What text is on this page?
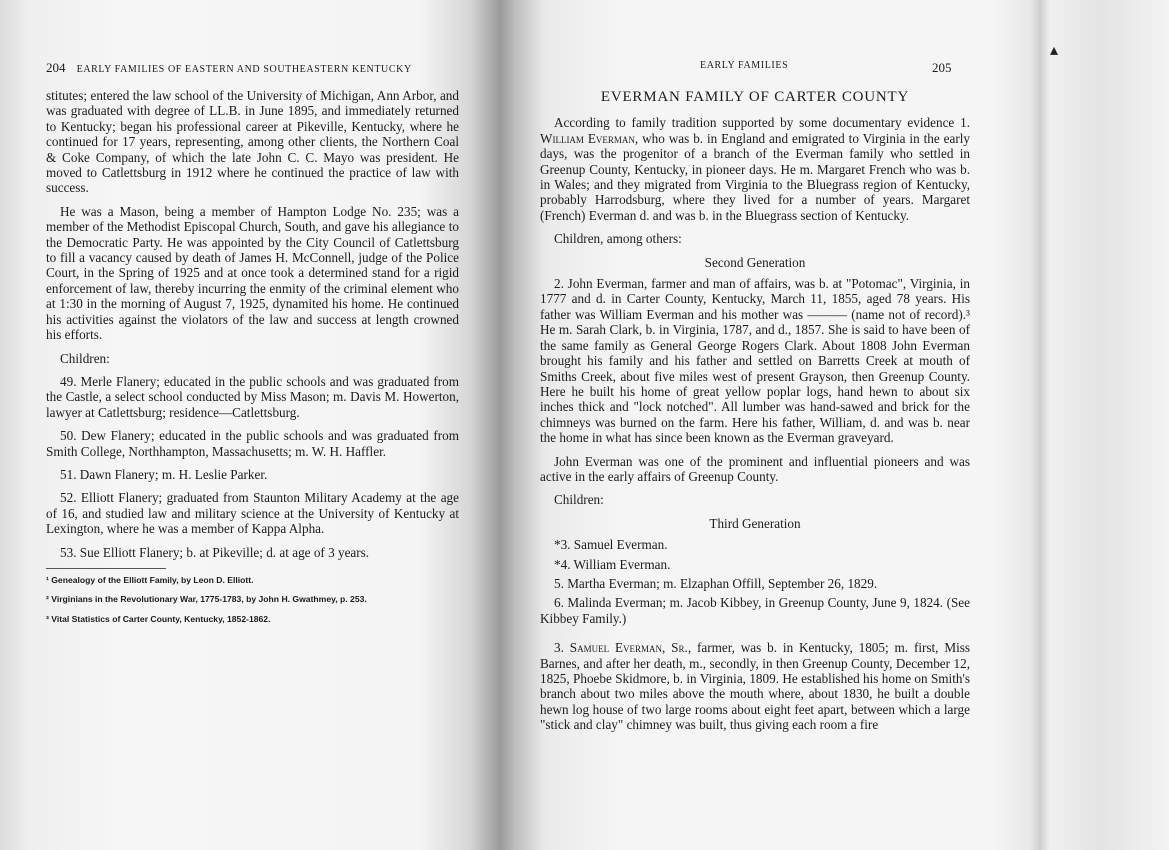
204 EARLY FAMILIES OF EASTERN AND SOUTHEASTERN KENTUCKY

stitutes; entered the law school of the University of Michigan, Ann Arbor, and was graduated with degree of LL.B. in June 1895, and immediately returned to Kentucky; began his professional career at Pikeville, Kentucky, where he continued for 17 years, representing, among other clients, the Northern Coal & Coke Company, of which the late John C. C. Mayo was president. He moved to Catlettsburg in 1912 where he continued the practice of law with success.

He was a Mason, being a member of Hampton Lodge No. 235; was a member of the Methodist Episcopal Church, South, and gave his allegiance to the Democratic Party. He was appointed by the City Council of Catlettsburg to fill a vacancy caused by death of James H. McConnell, judge of the Police Court, in the Spring of 1925 and at once took a determined stand for a rigid enforcement of law, thereby incurring the enmity of the criminal element who at 1:30 in the morning of August 7, 1925, dynamited his home. He continued his activities against the violators of the law and success at length crowned his efforts.

Children:

49. Merle Flanery; educated in the public schools and was graduated from the Castle, a select school conducted by Miss Mason; m. Davis M. Howerton, lawyer at Catlettsburg; residence—Catlettsburg.

50. Dew Flanery; educated in the public schools and was graduated from Smith College, Northhampton, Massachusetts; m. W. H. Haffler.

51. Dawn Flanery; m. H. Leslie Parker.

52. Elliott Flanery; graduated from Staunton Military Academy at the age of 16, and studied law and military science at the University of Kentucky at Lexington, where he was a member of Kappa Alpha.

53. Sue Elliott Flanery; b. at Pikeville; d. at age of 3 years.

¹ Genealogy of the Elliott Family, by Leon D. Elliott.
² Virginians in the Revolutionary War, 1775-1783, by John H. Gwathmey, p. 253.
³ Vital Statistics of Carter County, Kentucky, 1852-1862.
EARLY FAMILIES	205

EVERMAN FAMILY OF CARTER COUNTY

According to family tradition supported by some documentary evidence 1. William Everman, who was b. in England and emigrated to Virginia in the early days, was the progenitor of a branch of the Everman family who settled in Greenup County, Kentucky, in pioneer days. He m. Margaret French who was b. in Wales; and they migrated from Virginia to the Bluegrass region of Kentucky, probably Harrodsburg, where they lived for a number of years. Margaret (French) Everman d. and was b. in the Bluegrass section of Kentucky.

Children, among others:

Second Generation

2. John Everman, farmer and man of affairs, was b. at "Potomac", Virginia, in 1777 and d. in Carter County, Kentucky, March 11, 1855, aged 78 years. His father was William Everman and his mother was ——— (name not of record).³ He m. Sarah Clark, b. in Virginia, 1787, and d., 1857. She is said to have been of the same family as General George Rogers Clark. About 1808 John Everman brought his family and his father and settled on Barretts Creek at mouth of Smiths Creek, about five miles west of present Grayson, then Greenup County. Here he built his home of great yellow poplar logs, hand hewn to about six inches thick and "lock notched". All lumber was hand-sawed and brick for the chimneys was burned on the farm. Here his father, William, d. and was b. near the home in what has since been known as the Everman graveyard.

John Everman was one of the prominent and influential pioneers and was active in the early affairs of Greenup County.

Children:

Third Generation

*3. Samuel Everman.

*4. William Everman.

5. Martha Everman; m. Elzaphan Offill, September 26, 1829.

6. Malinda Everman; m. Jacob Kibbey, in Greenup County, June 9, 1824. (See Kibbey Family.)

3. Samuel Everman, Sr., farmer, was b. in Kentucky, 1805; m. first, Miss Barnes, and after her death, m., secondly, in then Greenup County, December 12, 1825, Phoebe Skidmore, b. in Virginia, 1809. He established his home on Smith's branch about two miles above the mouth where, about 1830, he built a double hewn log house of two large rooms about eight feet apart, between which a large "stick and clay" chimney was built, thus giving each room a fire

▴
